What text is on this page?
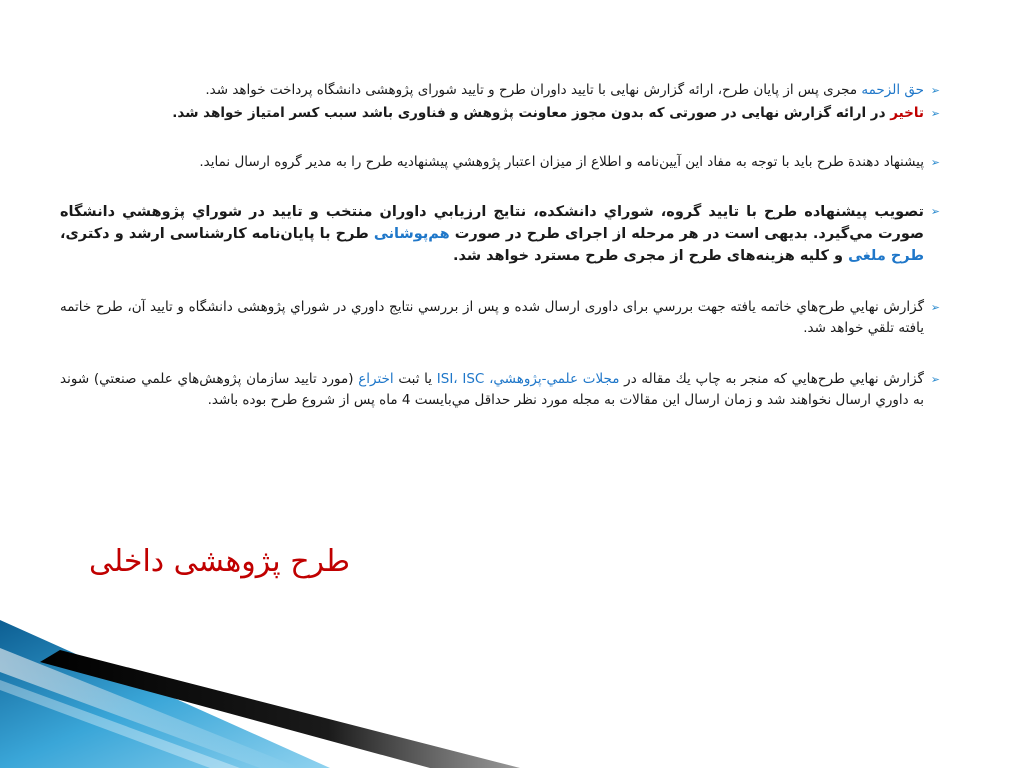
➢
حق الزحمه مجری پس از پایان طرح، ارائه گزارش نهایی با تایید داوران طرح و تایید شورای پژوهشی دانشگاه پرداخت خواهد شد.
➢
تاخیر در ارائه گزارش نهایی در صورتی که بدون مجوز معاونت پژوهش و فناوری باشد سبب کسر امتیاز خواهد شد.
➢
پيشنهاد دهندة طرح بايد با توجه به مفاد اين آیین‌نامه و اطلاع از ميزان اعتبار پژوهشي پيشنهاديه طرح را به مدير گروه ارسال نمايد.
➢
تصويب پيشنهاده طرح با تاييد گروه، شوراي دانشكده، نتايج ارزيابي داوران منتخب و تاييد در شوراي پژوهشي دانشگاه صورت مي‌گيرد. بدیهی است در هر مرحله از اجرای طرح در صورت هم‌پوشانی طرح با پایان‌نامه کارشناسی ارشد و دکتری، طرح ملغی و کلیه هزینه‌های طرح از مجری طرح مسترد خواهد شد.
➢
گزارش نهايي طرح‌هاي خاتمه يافته جهت بررسي برای داوری ارسال شده و پس از بررسي نتايج داوري در شوراي پژوهشی دانشگاه و تاييد آن، طرح خاتمه يافته تلقي خواهد شد.
➢
گزارش نهايي طرح‌هايي كه منجر به چاپ يك مقاله در مجلات علمي-پژوهشي، ISI، ISC يا ثبت اختراع (مورد تاييد سازمان پژوهش‌هاي علمي صنعتي) شوند به داوري ارسال نخواهند شد و زمان ارسال اين مقالات به مجله مورد نظر حداقل مي‌بايست 4 ماه پس از شروع طرح بوده باشد.
طرح پژوهشی داخلی
